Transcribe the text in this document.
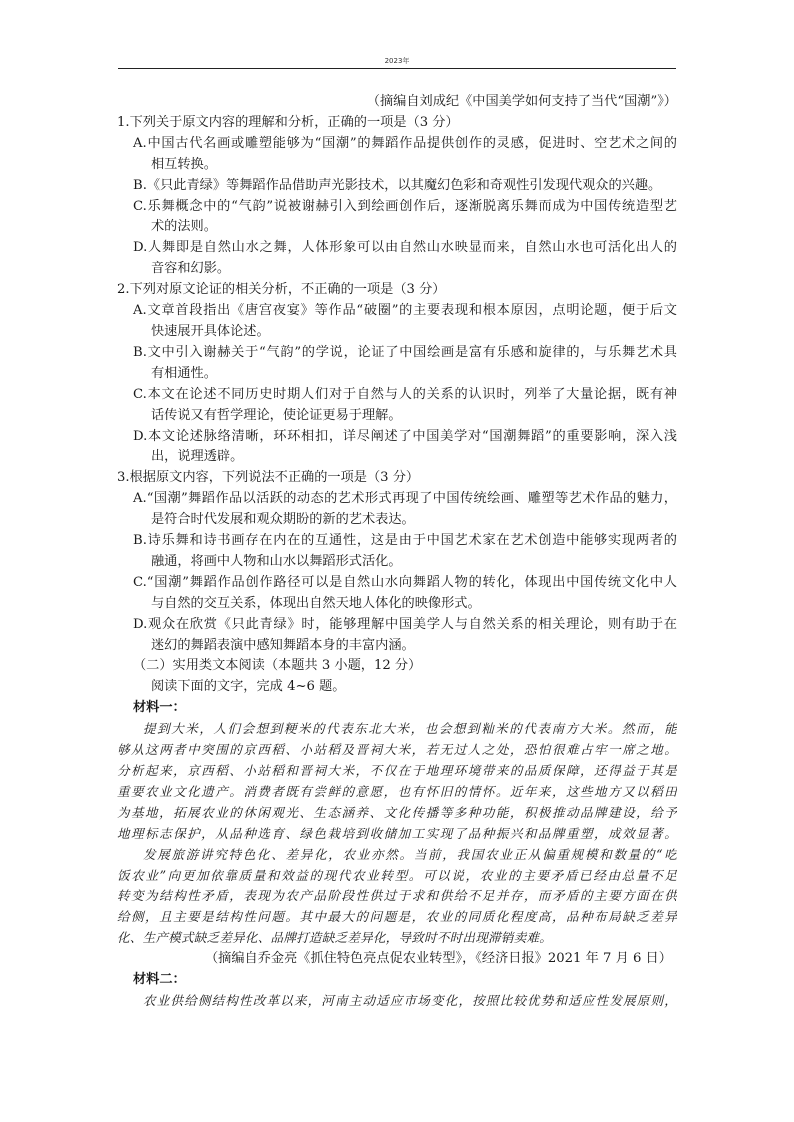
2023年
（摘编自刘成纪《中国美学如何支持了当代“国潮”》）
1.下列关于原文内容的理解和分析，正确的一项是（3 分）
A.中国古代名画或雕塑能够为“国潮”的舞蹈作品提供创作的灵感，促进时、空艺术之间的
相互转换。
B.《只此青绿》等舞蹈作品借助声光影技术，以其魔幻色彩和奇观性引发现代观众的兴趣。
C.乐舞概念中的“气韵”说被谢赫引入到绘画创作后，逐渐脱离乐舞而成为中国传统造型艺
术的法则。
D.人舞即是自然山水之舞，人体形象可以由自然山水映显而来，自然山水也可活化出人的
音容和幻影。
2.下列对原文论证的相关分析，不正确的一项是（3 分）
A.文章首段指出《唐宫夜宴》等作品“破圈”的主要表现和根本原因，点明论题，便于后文
快速展开具体论述。
B.文中引入谢赫关于“气韵”的学说，论证了中国绘画是富有乐感和旋律的，与乐舞艺术具
有相通性。
C.本文在论述不同历史时期人们对于自然与人的关系的认识时，列举了大量论据，既有神
话传说又有哲学理论，使论证更易于理解。
D.本文论述脉络清晰，环环相扣，详尽阐述了中国美学对“国潮舞蹈”的重要影响，深入浅
出，说理透辟。
3.根据原文内容，下列说法不正确的一项是（3 分）
A.“国潮”舞蹈作品以活跃的动态的艺术形式再现了中国传统绘画、雕塑等艺术作品的魅力，
是符合时代发展和观众期盼的新的艺术表达。
B.诗乐舞和诗书画存在内在的互通性，这是由于中国艺术家在艺术创造中能够实现两者的
融通，将画中人物和山水以舞蹈形式活化。
C.“国潮”舞蹈作品创作路径可以是自然山水向舞蹈人物的转化，体现出中国传统文化中人
与自然的交互关系，体现出自然天地人体化的映像形式。
D.观众在欣赏《只此青绿》时，能够理解中国美学人与自然关系的相关理论，则有助于在
迷幻的舞蹈表演中感知舞蹈本身的丰富内涵。
（二）实用类文本阅读（本题共 3 小题，12 分）
阅读下面的文字，完成 4~6 题。
材料一：
提到大米，人们会想到粳米的代表东北大米，也会想到籼米的代表南方大米。然而，能
够从这两者中突围的京西稻、小站稻及晋祠大米，若无过人之处，恐怕很难占牢一席之地。
分析起来，京西稻、小站稻和晋祠大米，不仅在于地理环境带来的品质保障，还得益于其是
重要农业文化遗产。消费者既有尝鲜的意愿，也有怀旧的情怀。近年来，这些地方又以稻田
为基地，拓展农业的休闲观光、生态涵养、文化传播等多种功能，积极推动品牌建设，给予
地理标志保护，从品种选育、绿色栽培到收储加工实现了品种振兴和品牌重塑，成效显著。
发展旅游讲究特色化、差异化，农业亦然。当前，我国农业正从偏重规模和数量的“吃
饭农业”向更加依靠质量和效益的现代农业转型。可以说，农业的主要矛盾已经由总量不足
转变为结构性矛盾，表现为农产品阶段性供过于求和供给不足并存，而矛盾的主要方面在供
给侧，且主要是结构性问题。其中最大的问题是，农业的同质化程度高，品种布局缺乏差异
化、生产模式缺乏差异化、品牌打造缺乏差异化，导致时不时出现滞销卖难。
（摘编自乔金亮《抓住特色亮点促农业转型》，《经济日报》2021 年 7 月 6 日）
材料二：
农业供给侧结构性改革以来，河南主动适应市场变化，按照比较优势和适应性发展原则，
